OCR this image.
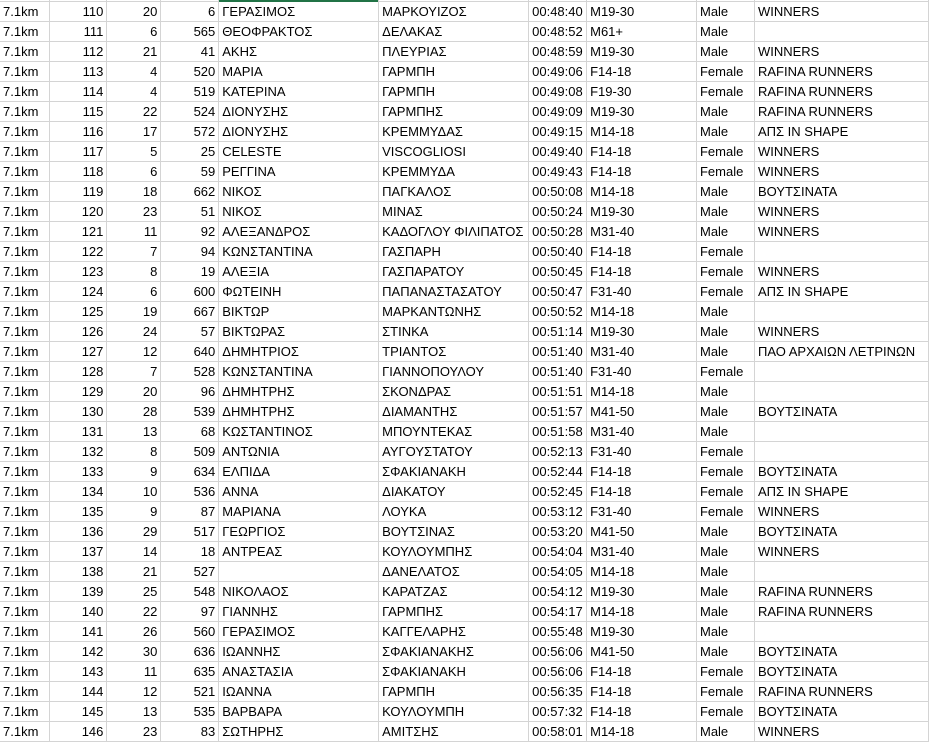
7.1km	110	20	6	ΓΕΡΑΣΙΜΟΣ	ΜΑΡΚΟΥΙΖΟΣ	00:48:40	M19-30	Male	WINNERS
7.1km	111	6	565	ΘΕΟΦΡΑΚΤΟΣ	ΔΕΛΑΚΑΣ	00:48:52	M61+	Male	
7.1km	112	21	41	ΑΚΗΣ	ΠΛΕΥΡΙΑΣ	00:48:59	M19-30	Male	WINNERS
7.1km	113	4	520	ΜΑΡΙΑ	ΓΑΡΜΠΗ	00:49:06	F14-18	Female	RAFINA RUNNERS
7.1km	114	4	519	ΚΑΤΕΡΙΝΑ	ΓΑΡΜΠΗ	00:49:08	F19-30	Female	RAFINA RUNNERS
7.1km	115	22	524	ΔΙΟΝΥΣΗΣ	ΓΑΡΜΠΗΣ	00:49:09	M19-30	Male	RAFINA RUNNERS
7.1km	116	17	572	ΔΙΟΝΥΣΗΣ	ΚΡΕΜΜΥΔΑΣ	00:49:15	M14-18	Male	ΑΠΣ IN SHAPE
7.1km	117	5	25	CELESTE	VISCOGLIOSI	00:49:40	F14-18	Female	WINNERS
7.1km	118	6	59	ΡΕΓΓΙΝΑ	ΚΡΕΜΜΥΔΑ	00:49:43	F14-18	Female	WINNERS
7.1km	119	18	662	ΝΙΚΟΣ	ΠΑΓΚΑΛΟΣ	00:50:08	M14-18	Male	ΒΟΥΤΣΙΝΑΤΑ
7.1km	120	23	51	ΝΙΚΟΣ	ΜΙΝΑΣ	00:50:24	M19-30	Male	WINNERS
7.1km	121	11	92	ΑΛΕΞΑΝΔΡΟΣ	ΚΑΔΟΓΛΟΥ ΦΙΛΙΠΑΤΟΣ	00:50:28	M31-40	Male	WINNERS
7.1km	122	7	94	ΚΩΝΣΤΑΝΤΙΝΑ	ΓΑΣΠΑΡΗ	00:50:40	F14-18	Female	
7.1km	123	8	19	ΑΛΕΞΙΑ	ΓΑΣΠΑΡΑΤΟΥ	00:50:45	F14-18	Female	WINNERS
7.1km	124	6	600	ΦΩΤΕΙΝΗ	ΠΑΠΑΝΑΣΤΑΣΑΤΟΥ	00:50:47	F31-40	Female	ΑΠΣ IN SHAPE
7.1km	125	19	667	ΒΙΚΤΩΡ	ΜΑΡΚΑΝΤΩΝΗΣ	00:50:52	M14-18	Male	
7.1km	126	24	57	ΒΙΚΤΩΡΑΣ	ΣΤΙΝΚΑ	00:51:14	M19-30	Male	WINNERS
7.1km	127	12	640	ΔΗΜΗΤΡΙΟΣ	ΤΡΙΑΝΤΟΣ	00:51:40	M31-40	Male	ΠΑΟ ΑΡΧΑΙΩΝ ΛΕΤΡΙΝΩΝ
7.1km	128	7	528	ΚΩΝΣΤΑΝΤΙΝΑ	ΓΙΑΝΝΟΠΟΥΛΟΥ	00:51:40	F31-40	Female	
7.1km	129	20	96	ΔΗΜΗΤΡΗΣ	ΣΚΟΝΔΡΑΣ	00:51:51	M14-18	Male	
7.1km	130	28	539	ΔΗΜΗΤΡΗΣ	ΔΙΑΜΑΝΤΗΣ	00:51:57	M41-50	Male	ΒΟΥΤΣΙΝΑΤΑ
7.1km	131	13	68	ΚΩΣΤΑΝΤΙΝΟΣ	ΜΠΟΥΝΤΕΚΑΣ	00:51:58	M31-40	Male	
7.1km	132	8	509	ΑΝΤΩΝΙΑ	ΑΥΓΟΥΣΤΑΤΟΥ	00:52:13	F31-40	Female	
7.1km	133	9	634	ΕΛΠΙΔΑ	ΣΦΑΚΙΑΝΑΚΗ	00:52:44	F14-18	Female	ΒΟΥΤΣΙΝΑΤΑ
7.1km	134	10	536	ΑΝΝΑ	ΔΙΑΚΑΤΟΥ	00:52:45	F14-18	Female	ΑΠΣ IN SHAPE
7.1km	135	9	87	ΜΑΡΙΑΝΑ	ΛΟΥΚΑ	00:53:12	F31-40	Female	WINNERS
7.1km	136	29	517	ΓΕΩΡΓΙΟΣ	ΒΟΥΤΣΙΝΑΣ	00:53:20	M41-50	Male	ΒΟΥΤΣΙΝΑΤΑ
7.1km	137	14	18	ΑΝΤΡΕΑΣ	ΚΟΥΛΟΥΜΠΗΣ	00:54:04	M31-40	Male	WINNERS
7.1km	138	21	527		ΔΑΝΕΛΑΤΟΣ	00:54:05	M14-18	Male	
7.1km	139	25	548	ΝΙΚΟΛΑΟΣ	ΚΑΡΑΤΖΑΣ	00:54:12	M19-30	Male	RAFINA RUNNERS
7.1km	140	22	97	ΓΙΑΝΝΗΣ	ΓΑΡΜΠΗΣ	00:54:17	M14-18	Male	RAFINA RUNNERS
7.1km	141	26	560	ΓΕΡΑΣΙΜΟΣ	ΚΑΓΓΕΛΑΡΗΣ	00:55:48	M19-30	Male	
7.1km	142	30	636	ΙΩΑΝΝΗΣ	ΣΦΑΚΙΑΝΑΚΗΣ	00:56:06	M41-50	Male	ΒΟΥΤΣΙΝΑΤΑ
7.1km	143	11	635	ΑΝΑΣΤΑΣΙΑ	ΣΦΑΚΙΑΝΑΚΗ	00:56:06	F14-18	Female	ΒΟΥΤΣΙΝΑΤΑ
7.1km	144	12	521	ΙΩΑΝΝΑ	ΓΑΡΜΠΗ	00:56:35	F14-18	Female	RAFINA RUNNERS
7.1km	145	13	535	ΒΑΡΒΑΡΑ	ΚΟΥΛΟΥΜΠΗ	00:57:32	F14-18	Female	ΒΟΥΤΣΙΝΑΤΑ
7.1km	146	23	83	ΣΩΤΗΡΗΣ	ΑΜΙΤΣΗΣ	00:58:01	M14-18	Male	WINNERS
